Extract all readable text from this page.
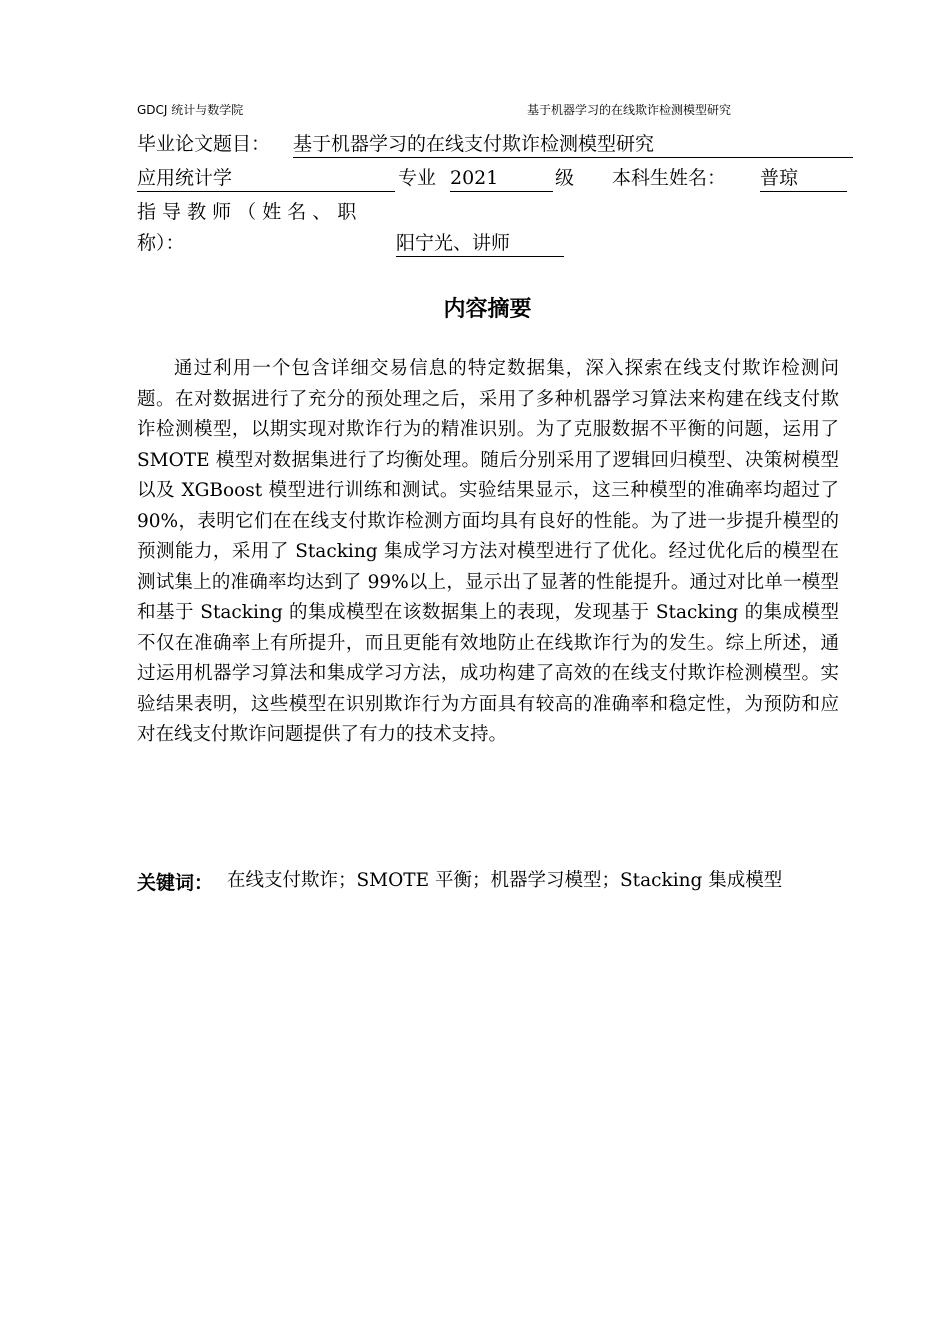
GDCJ 统计与数学院	基于机器学习的在线欺诈检测模型研究
毕业论文题目： 基于机器学习的在线支付欺诈检测模型研究
应用统计学	专业 2021	级 本科生姓名： 普琼
指 导 教 师 （ 姓 名 、 职
称）：	阳宁光、讲师
内容摘要

通过利用一个包含详细交易信息的特定数据集，深入探索在线支付欺诈检测问题。在对数据进行了充分的预处理之后，采用了多种机器学习算法来构建在线支付欺诈检测模型，以期实现对欺诈行为的精准识别。为了克服数据不平衡的问题，运用了 SMOTE 模型对数据集进行了均衡处理。随后分别采用了逻辑回归模型、决策树模型以及 XGBoost 模型进行训练和测试。实验结果显示，这三种模型的准确率均超过了 90%，表明它们在在线支付欺诈检测方面均具有良好的性能。为了进一步提升模型的预测能力，采用了 Stacking 集成学习方法对模型进行了优化。经过优化后的模型在测试集上的准确率均达到了 99%以上，显示出了显著的性能提升。通过对比单一模型和基于 Stacking 的集成模型在该数据集上的表现，发现基于 Stacking 的集成模型不仅在准确率上有所提升，而且更能有效地防止在线欺诈行为的发生。综上所述，通过运用机器学习算法和集成学习方法，成功构建了高效的在线支付欺诈检测模型。实验结果表明，这些模型在识别欺诈行为方面具有较高的准确率和稳定性，为预防和应对在线支付欺诈问题提供了有力的技术支持。

关键词： 在线支付欺诈；SMOTE 平衡；机器学习模型；Stacking 集成模型
